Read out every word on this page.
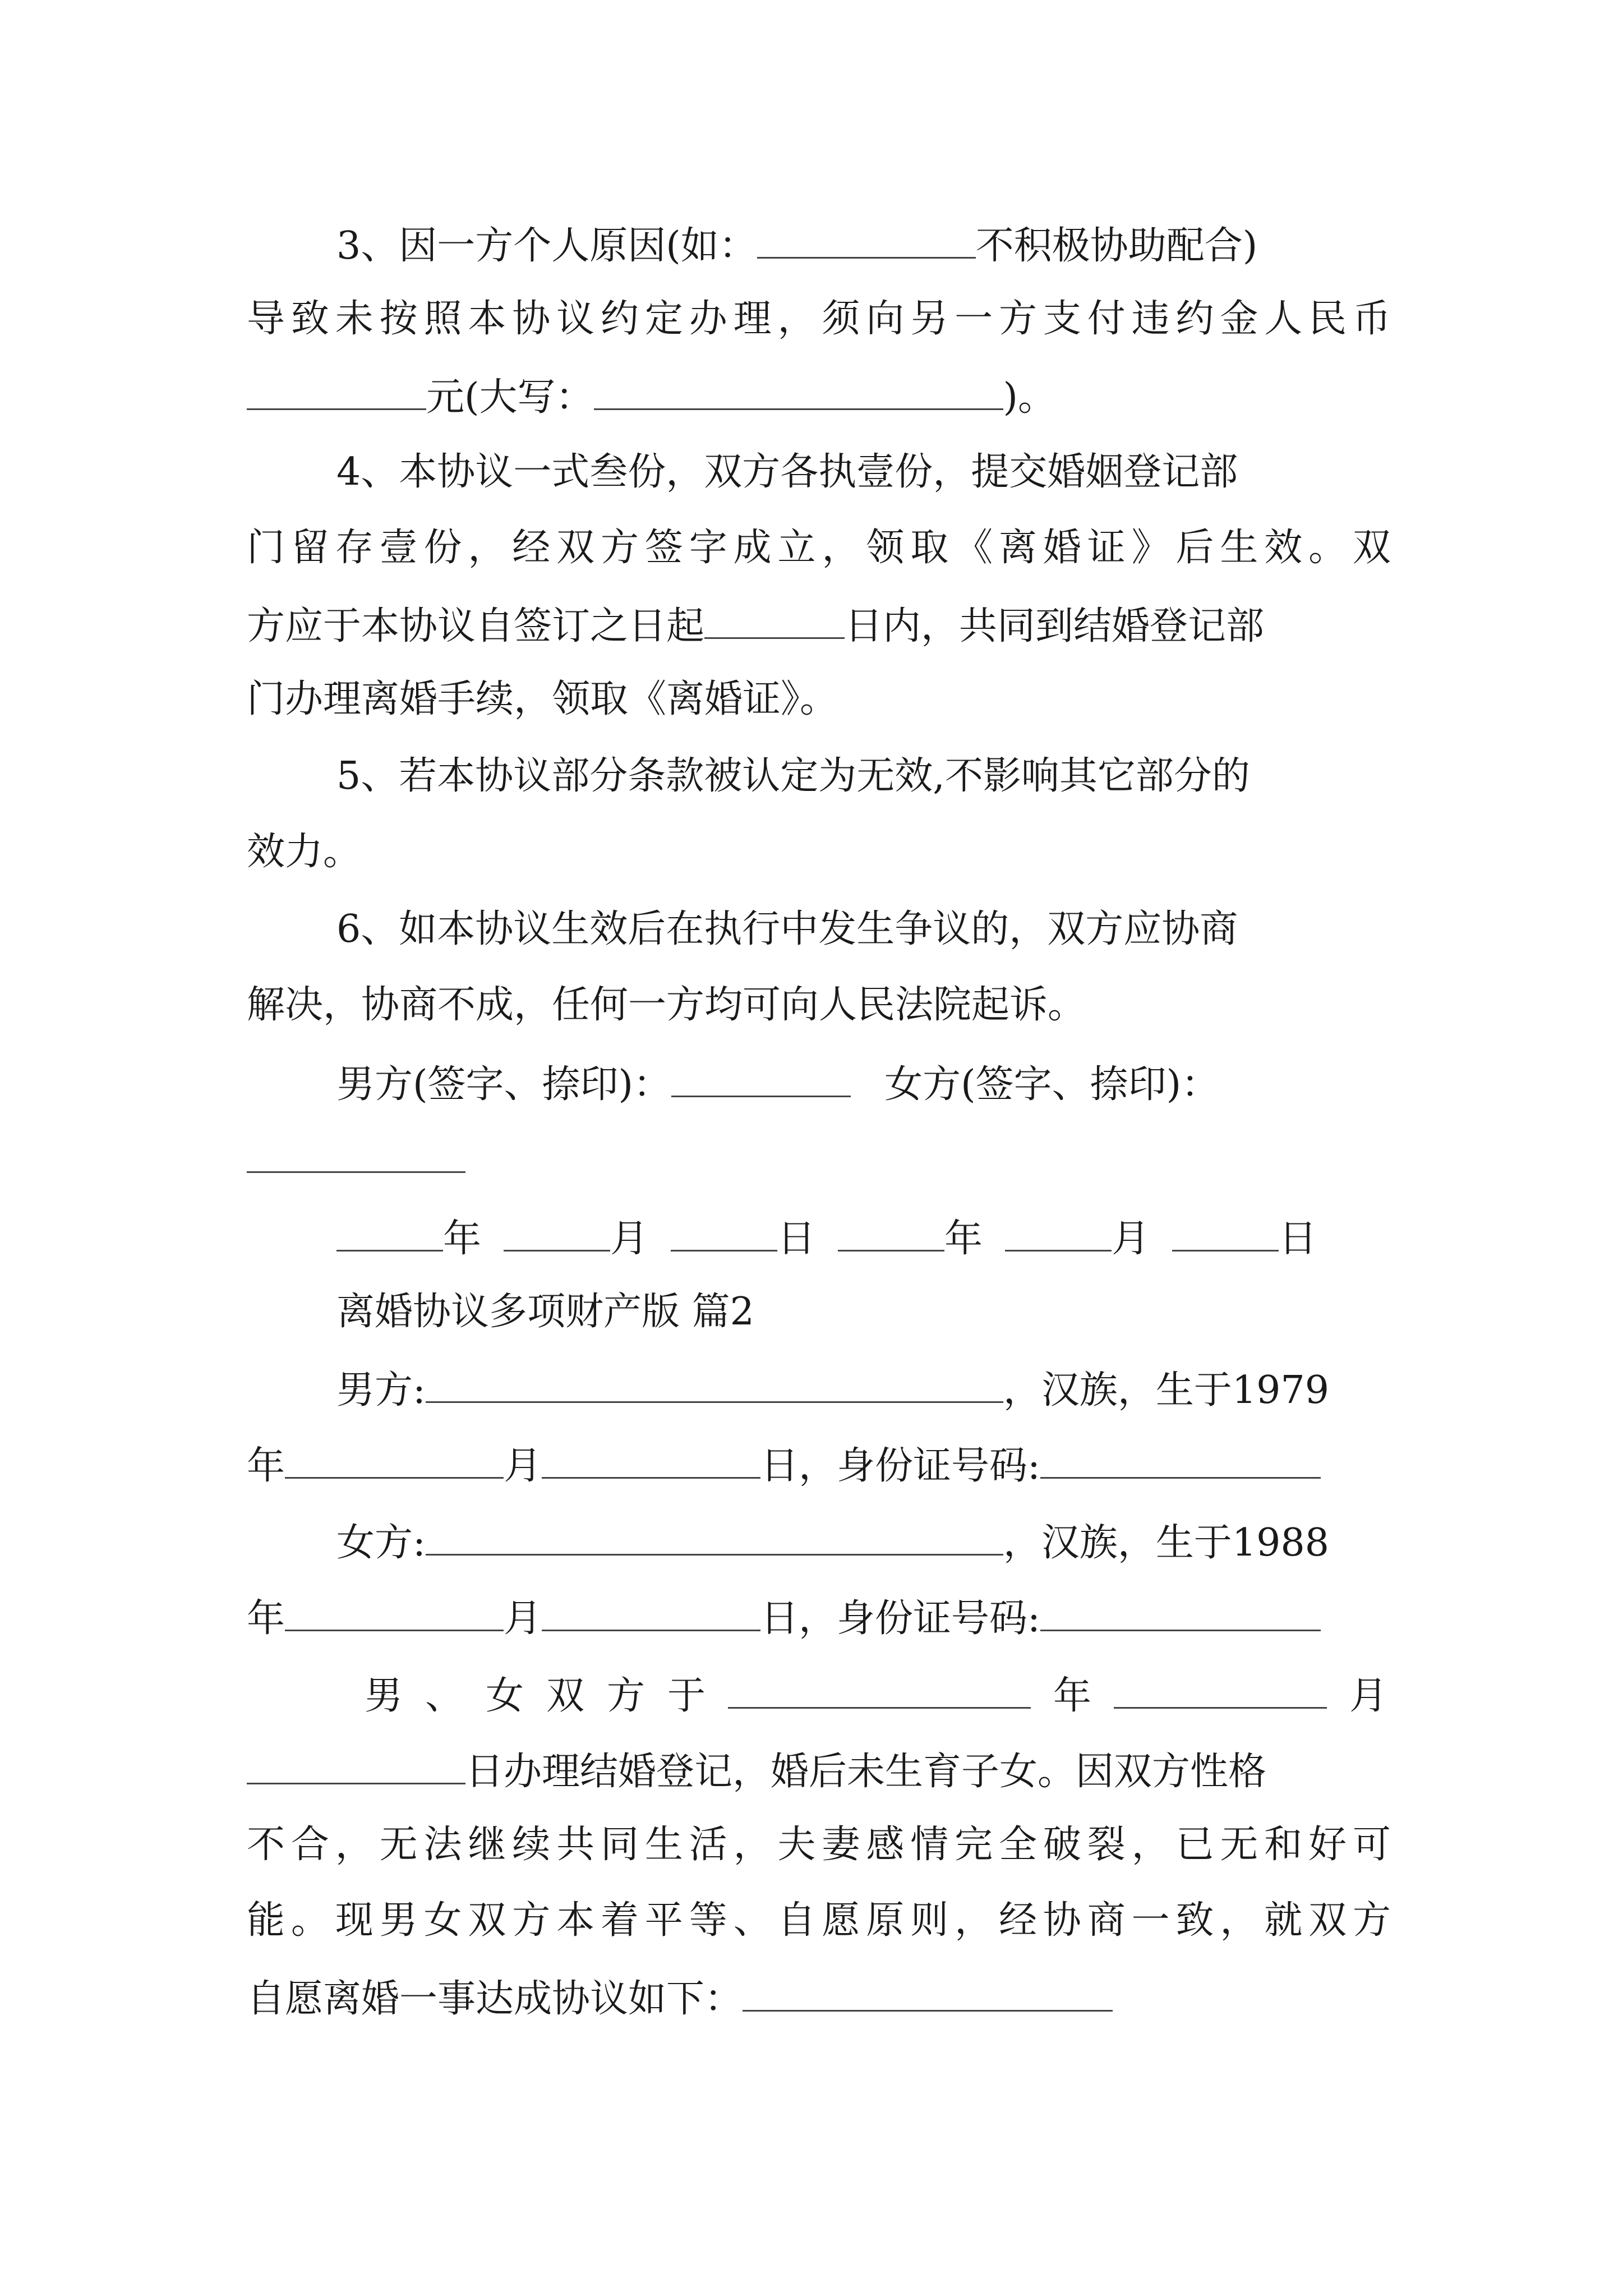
3、因一方个人原因(如：	不积极协助配合)
导致未按照本协议约定办理，须向另一方支付违约金人民币
元(大写：	)。
4、本协议一式叁份，双方各执壹份，提交婚姻登记部
门留存壹份，经双方签字成立，领取《离婚证》后生效。双
方应于本协议自签订之日起	日内，共同到结婚登记部
门办理离婚手续，领取《离婚证》。
5、若本协议部分条款被认定为无效,不影响其它部分的
效力。
6、如本协议生效后在执行中发生争议的，双方应协商
解决，协商不成，任何一方均可向人民法院起诉。
男方(签字、捺印)：	女方(签字、捺印)：
年	月	日	年	月	日
离婚协议多项财产版 篇2
男方:	，汉族，生于1979
年	月	日，身份证号码:
女方:	，汉族，生于1988
年	月	日，身份证号码:
男、女双方于	年	月
日办理结婚登记，婚后未生育子女。因双方性格
不合，无法继续共同生活，夫妻感情完全破裂，已无和好可
能。现男女双方本着平等、自愿原则，经协商一致，就双方
自愿离婚一事达成协议如下：
